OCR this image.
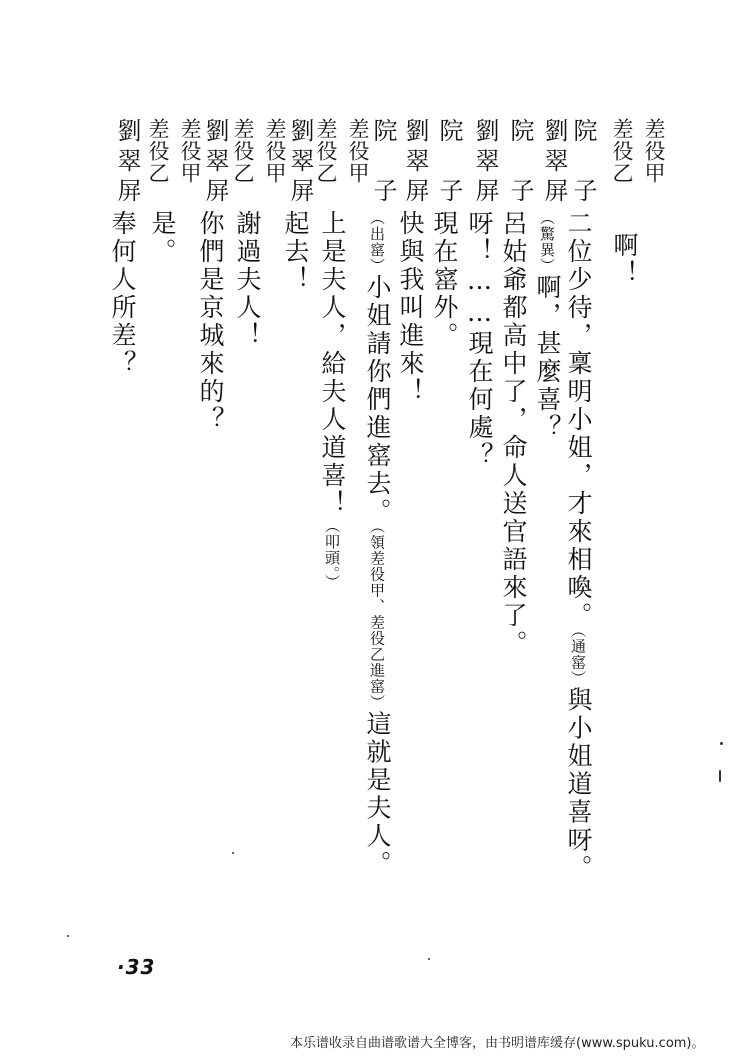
差役甲
差役乙
啊！
院　子
二位少待，稟明小姐，才來相喚。（通窰）與小姐道喜呀。
劉翠屏
（驚異）啊，甚麼喜？
院　子
呂姑爺都高中了，命人送官語來了。
劉翠屏
呀！……現在何處？
院　子
現在窰外。
劉翠屏
快與我叫進來！
院　子
（出窰）小姐請你們進窰去。（領差役甲、差役乙進窰）這就是夫人。
差役甲
差役乙
上是夫人，給夫人道喜！（叩頭。）
劉翠屏
起去！
差役甲
差役乙
謝過夫人！
劉翠屏
你們是京城來的？
差役甲
差役乙
是。
劉翠屏
奉何人所差？
·33
本乐谱收录自曲谱歌谱大全博客，由书明谱库缓存(www.spuku.com)。
